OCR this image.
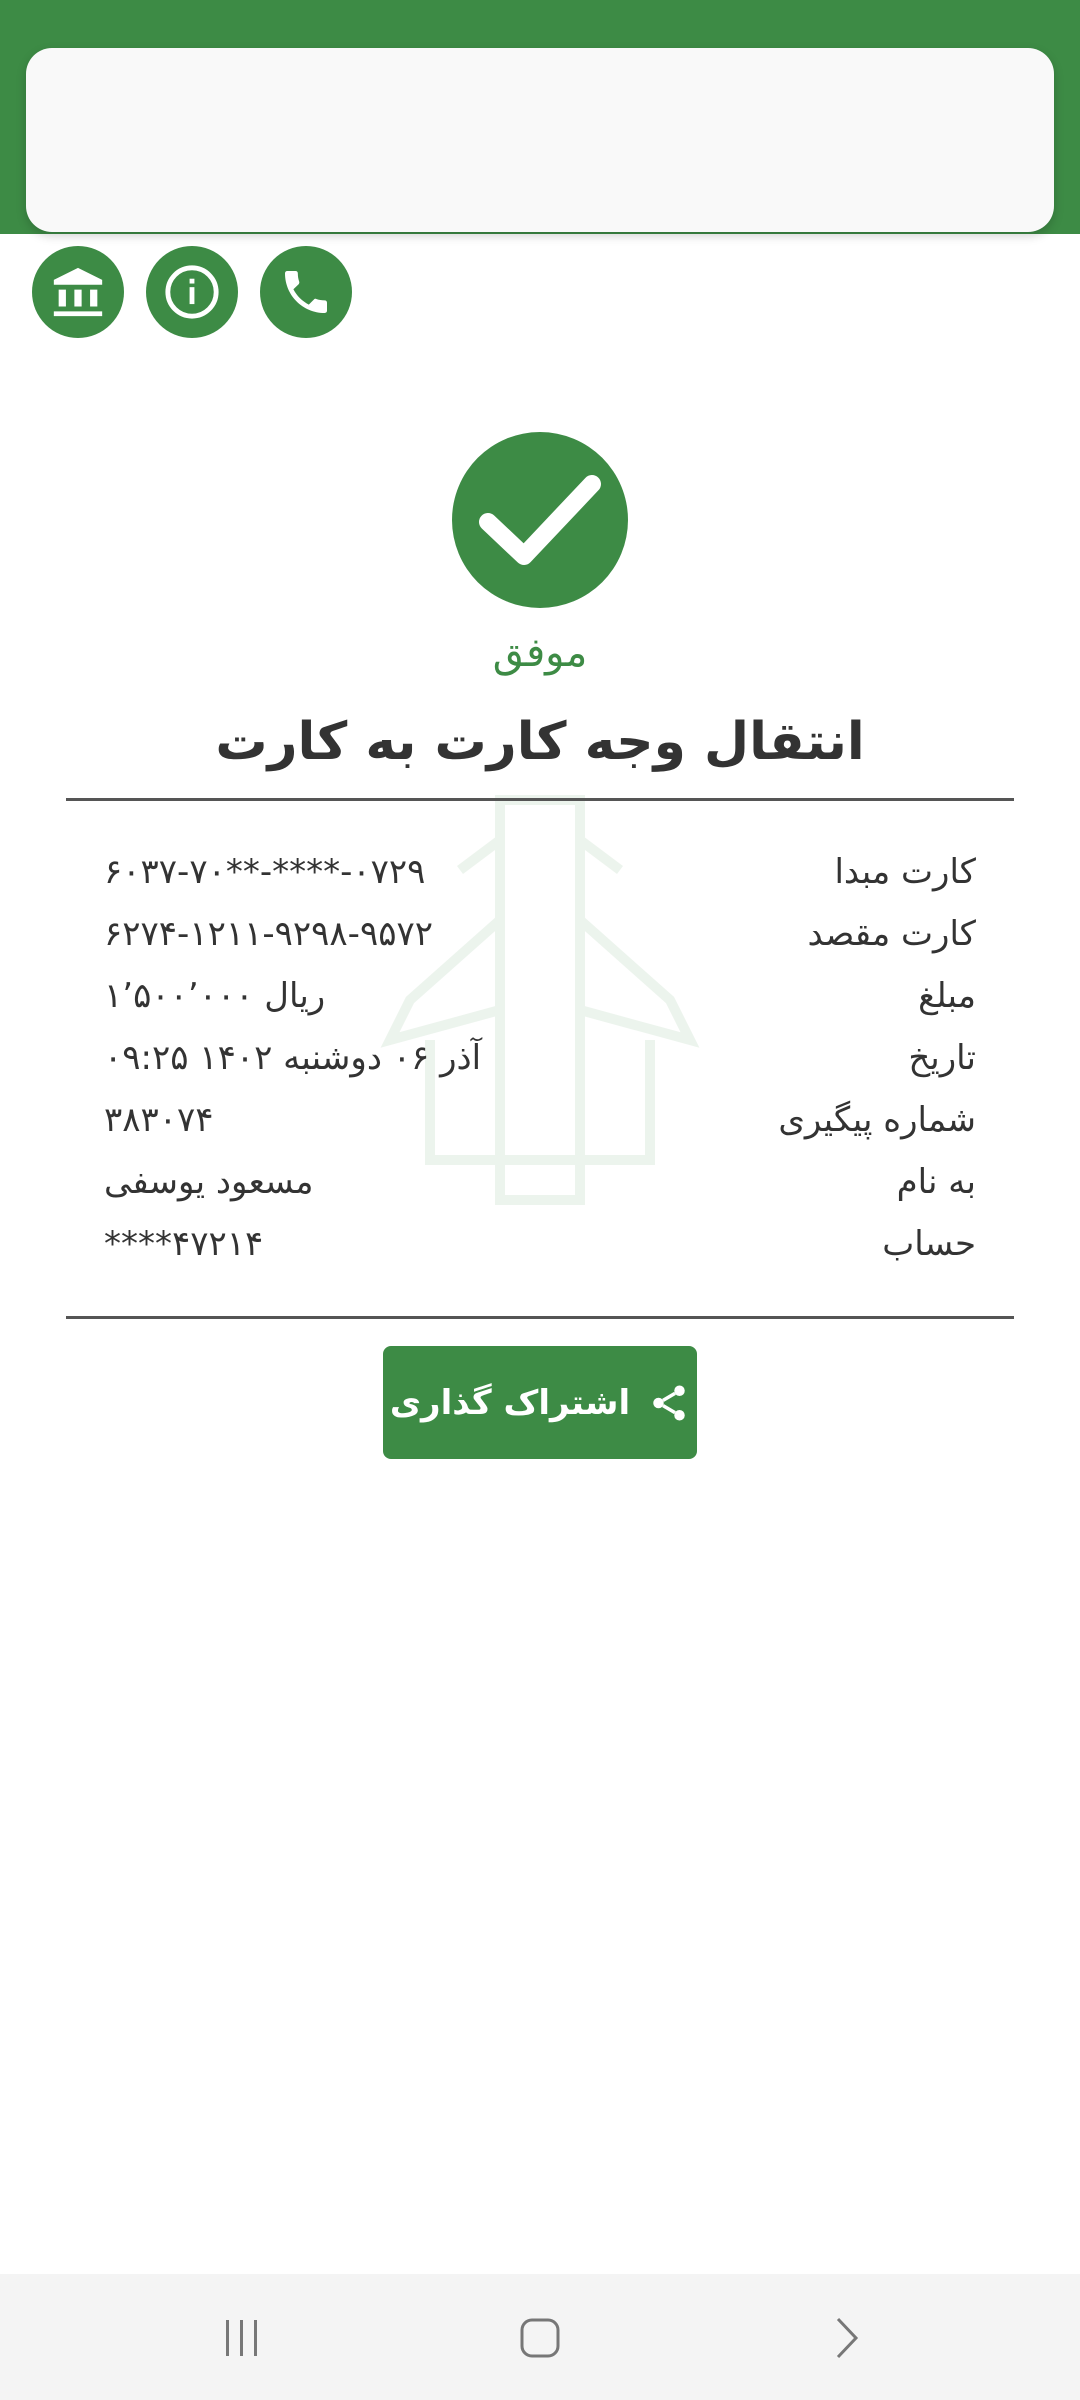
موفق
انتقال وجه کارت به کارت
۶۰۳۷-۷۰**-****-۰۷۲۹	کارت مبدا
۶۲۷۴-۱۲۱۱-۹۲۹۸-۹۵۷۲	کارت مقصد
۱٬۵۰۰٬۰۰۰ ریال	مبلغ
۰۹:۲۵ ۱۴۰۲ آذر ۰۶ دوشنبه	تاریخ
۳۸۳۰۷۴	شماره پیگیری
مسعود یوسفی	به نام
****۴۷۲۱۴	حساب
اشتراک گذاری
